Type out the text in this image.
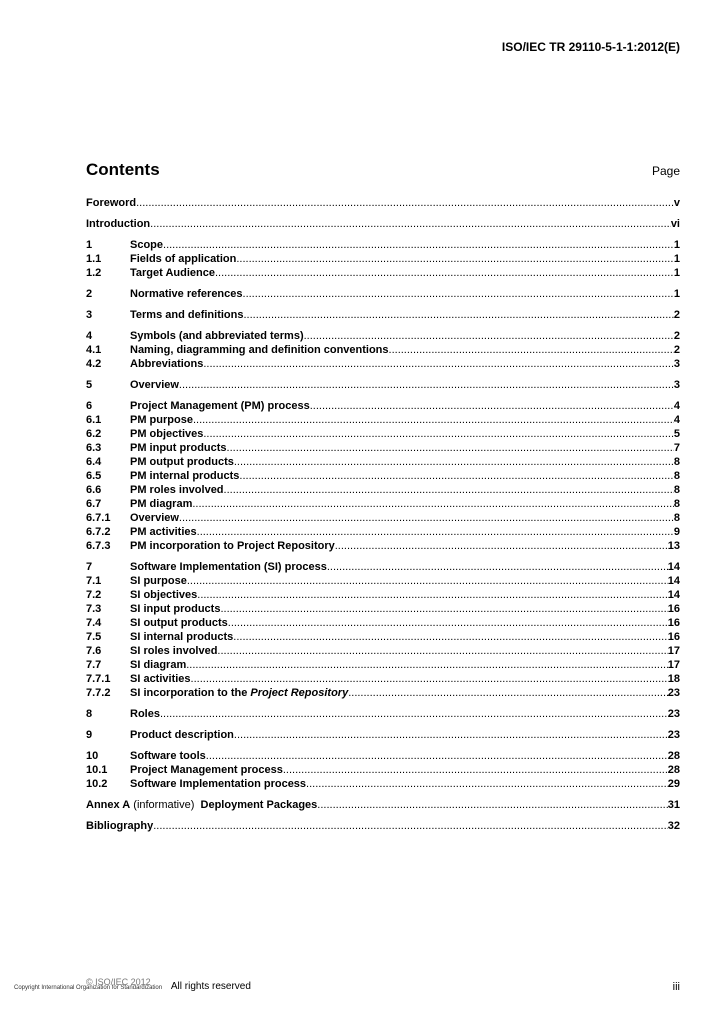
ISO/IEC TR 29110-5-1-1:2012(E)
Contents	Page
Foreword .....	v
Introduction .....	vi
1	Scope .....	1
1.1	Fields of application .....	1
1.2	Target Audience .....	1
2	Normative references .....	1
3	Terms and definitions .....	2
4	Symbols (and abbreviated terms) .....	2
4.1	Naming, diagramming and definition conventions .....	2
4.2	Abbreviations .....	3
5	Overview .....	3
6	Project Management (PM) process .....	4
6.1	PM purpose .....	4
6.2	PM objectives .....	5
6.3	PM input products .....	7
6.4	PM output products .....	8
6.5	PM internal products .....	8
6.6	PM roles involved .....	8
6.7	PM diagram .....	8
6.7.1	Overview .....	8
6.7.2	PM activities .....	9
6.7.3	PM incorporation to Project Repository .....	13
7	Software Implementation (SI) process .....	14
7.1	SI purpose .....	14
7.2	SI objectives .....	14
7.3	SI input products .....	16
7.4	SI output products .....	16
7.5	SI internal products .....	16
7.6	SI roles involved .....	17
7.7	SI diagram .....	17
7.7.1	SI activities .....	18
7.7.2	SI incorporation to the Project Repository .....	23
8	Roles .....	23
9	Product description .....	23
10	Software tools .....	28
10.1	Project Management process .....	28
10.2	Software Implementation process .....	29
Annex A (informative)  Deployment Packages .....	31
Bibliography .....	32
© ISO/IEC 2012
Copyright International Organization for Standardization All rights reserved	iii
